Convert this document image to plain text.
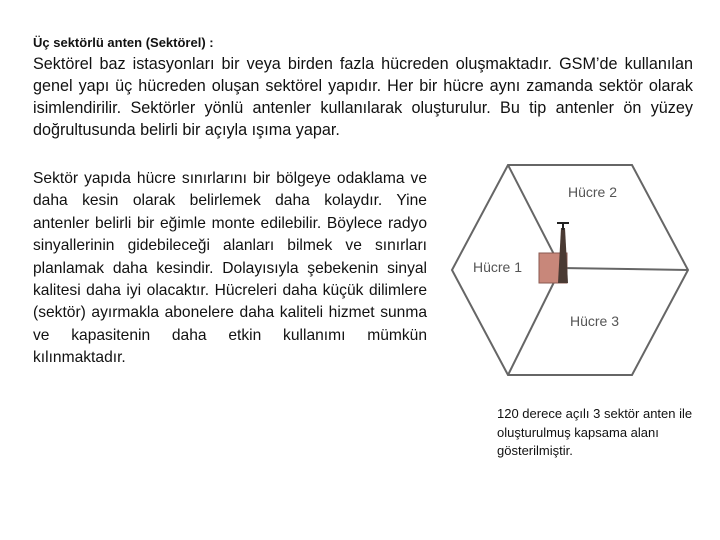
Üç sektörlü anten (Sektörel) :

Sektörel baz istasyonları bir veya birden fazla hücreden oluşmaktadır. GSM’de kullanılan genel yapı üç hücreden oluşan sektörel yapıdır. Her bir hücre aynı zamanda sektör olarak isimlendirilir. Sektörler yönlü antenler kullanılarak oluşturulur. Bu tip antenler ön yüzey doğrultusunda belirli bir açıyla ışıma yapar.

Sektör yapıda hücre sınırlarını bir bölgeye odaklama ve daha kesin olarak belirlemek daha kolaydır. Yine antenler belirli bir eğimle monte edilebilir. Böylece radyo sinyallerinin gidebileceği alanları bilmek ve sınırları planlamak daha kesindir. Dolayısıyla şebekenin sinyal kalitesi daha iyi olacaktır. Hücreleri daha küçük dilimlere (sektör) ayırmakla abonelere daha kaliteli hizmet sunma ve kapasitenin daha etkin kullanımı mümkün kılınmaktadır.

Hücre 2
Hücre 1
Hücre 3

120 derece açılı 3 sektör anten ile oluşturulmuş kapsama alanı gösterilmiştir.
